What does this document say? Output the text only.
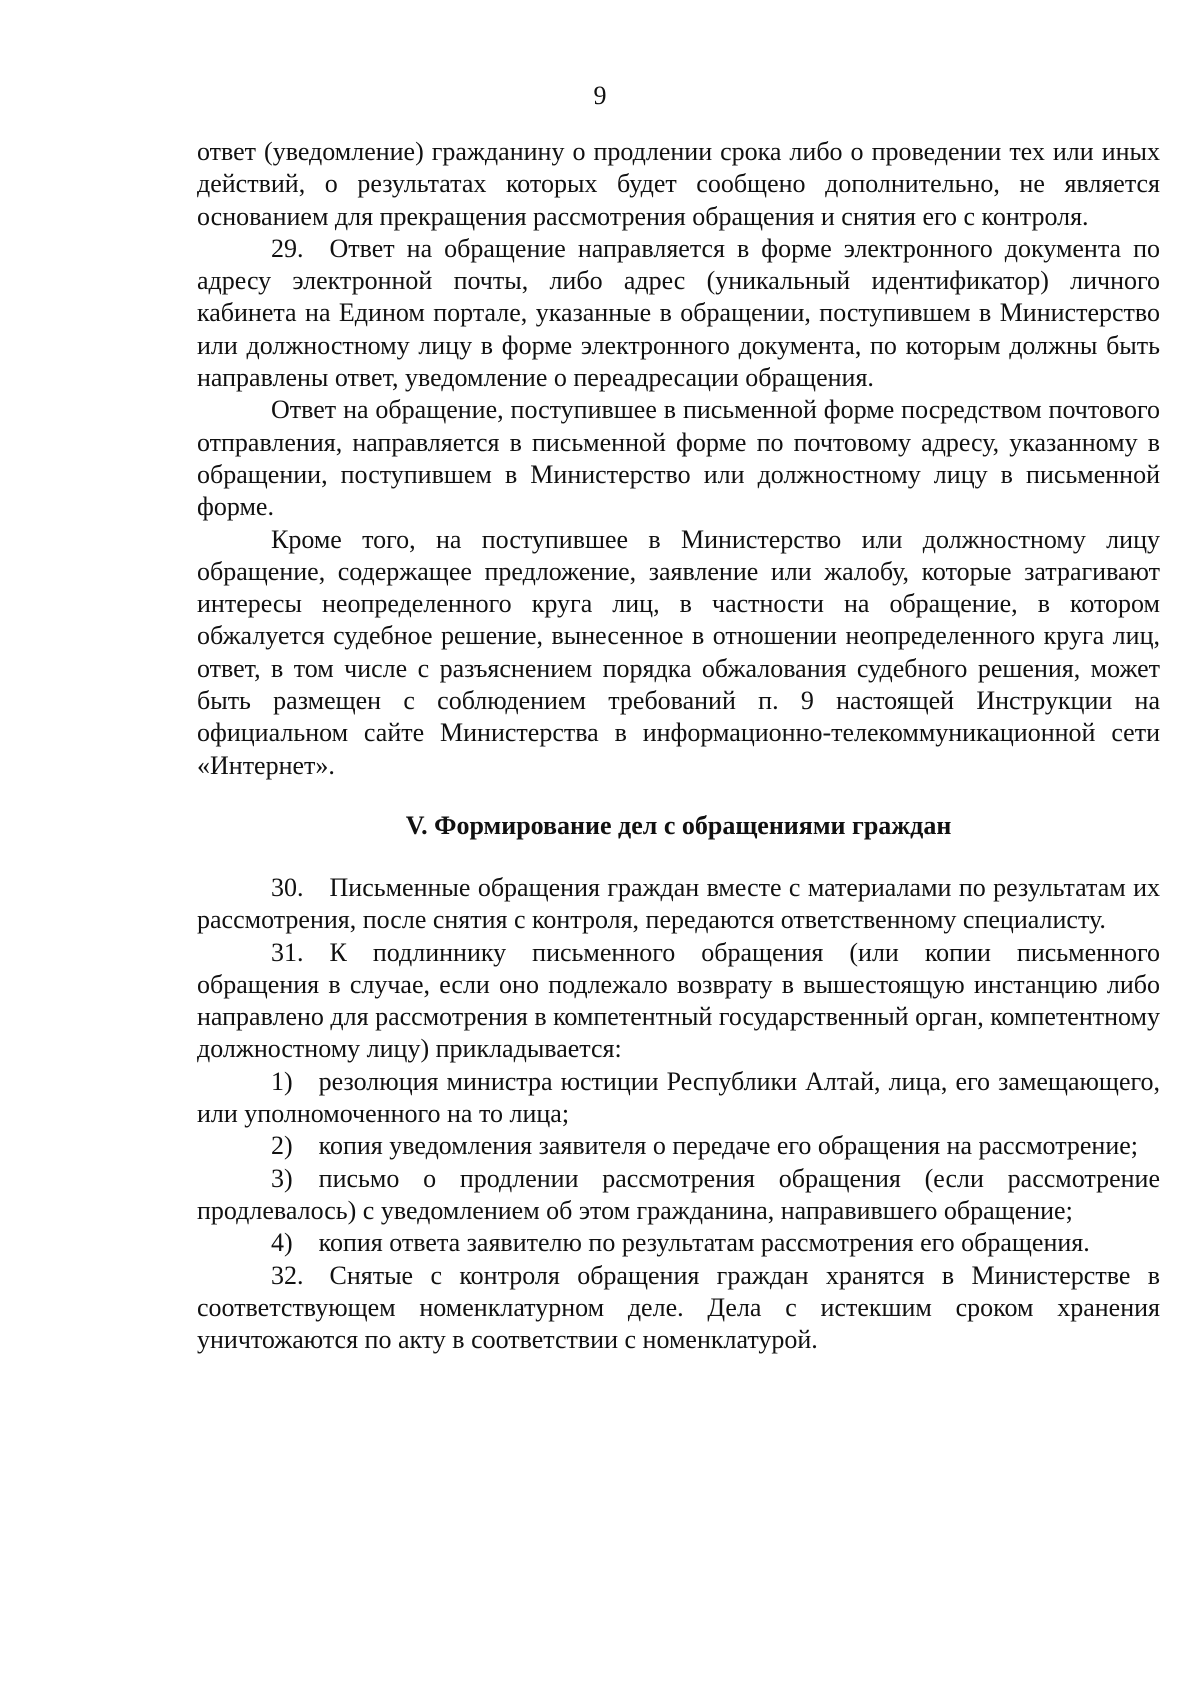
9

ответ (уведомление) гражданину о продлении срока либо о проведении тех или иных действий, о результатах которых будет сообщено дополнительно, не является основанием для прекращения рассмотрения обращения и снятия его с контроля.

29. Ответ на обращение направляется в форме электронного документа по адресу электронной почты, либо адрес (уникальный идентификатор) личного кабинета на Едином портале, указанные в обращении, поступившем в Министерство или должностному лицу в форме электронного документа, по которым должны быть направлены ответ, уведомление о переадресации обращения.

Ответ на обращение, поступившее в письменной форме посредством почтового отправления, направляется в письменной форме по почтовому адресу, указанному в обращении, поступившем в Министерство или должностному лицу в письменной форме.

Кроме того, на поступившее в Министерство или должностному лицу обращение, содержащее предложение, заявление или жалобу, которые затрагивают интересы неопределенного круга лиц, в частности на обращение, в котором обжалуется судебное решение, вынесенное в отношении неопределенного круга лиц, ответ, в том числе с разъяснением порядка обжалования судебного решения, может быть размещен с соблюдением требований п. 9 настоящей Инструкции на официальном сайте Министерства в информационно-телекоммуникационной сети «Интернет».

V. Формирование дел с обращениями граждан

30. Письменные обращения граждан вместе с материалами по результатам их рассмотрения, после снятия с контроля, передаются ответственному специалисту.

31. К подлиннику письменного обращения (или копии письменного обращения в случае, если оно подлежало возврату в вышестоящую инстанцию либо направлено для рассмотрения в компетентный государственный орган, компетентному должностному лицу) прикладывается:

1) резолюция министра юстиции Республики Алтай, лица, его замещающего, или уполномоченного на то лица;

2) копия уведомления заявителя о передаче его обращения на рассмотрение;

3) письмо о продлении рассмотрения обращения (если рассмотрение продлевалось) с уведомлением об этом гражданина, направившего обращение;

4) копия ответа заявителю по результатам рассмотрения его обращения.

32. Снятые с контроля обращения граждан хранятся в Министерстве в соответствующем номенклатурном деле. Дела с истекшим сроком хранения уничтожаются по акту в соответствии с номенклатурой.
